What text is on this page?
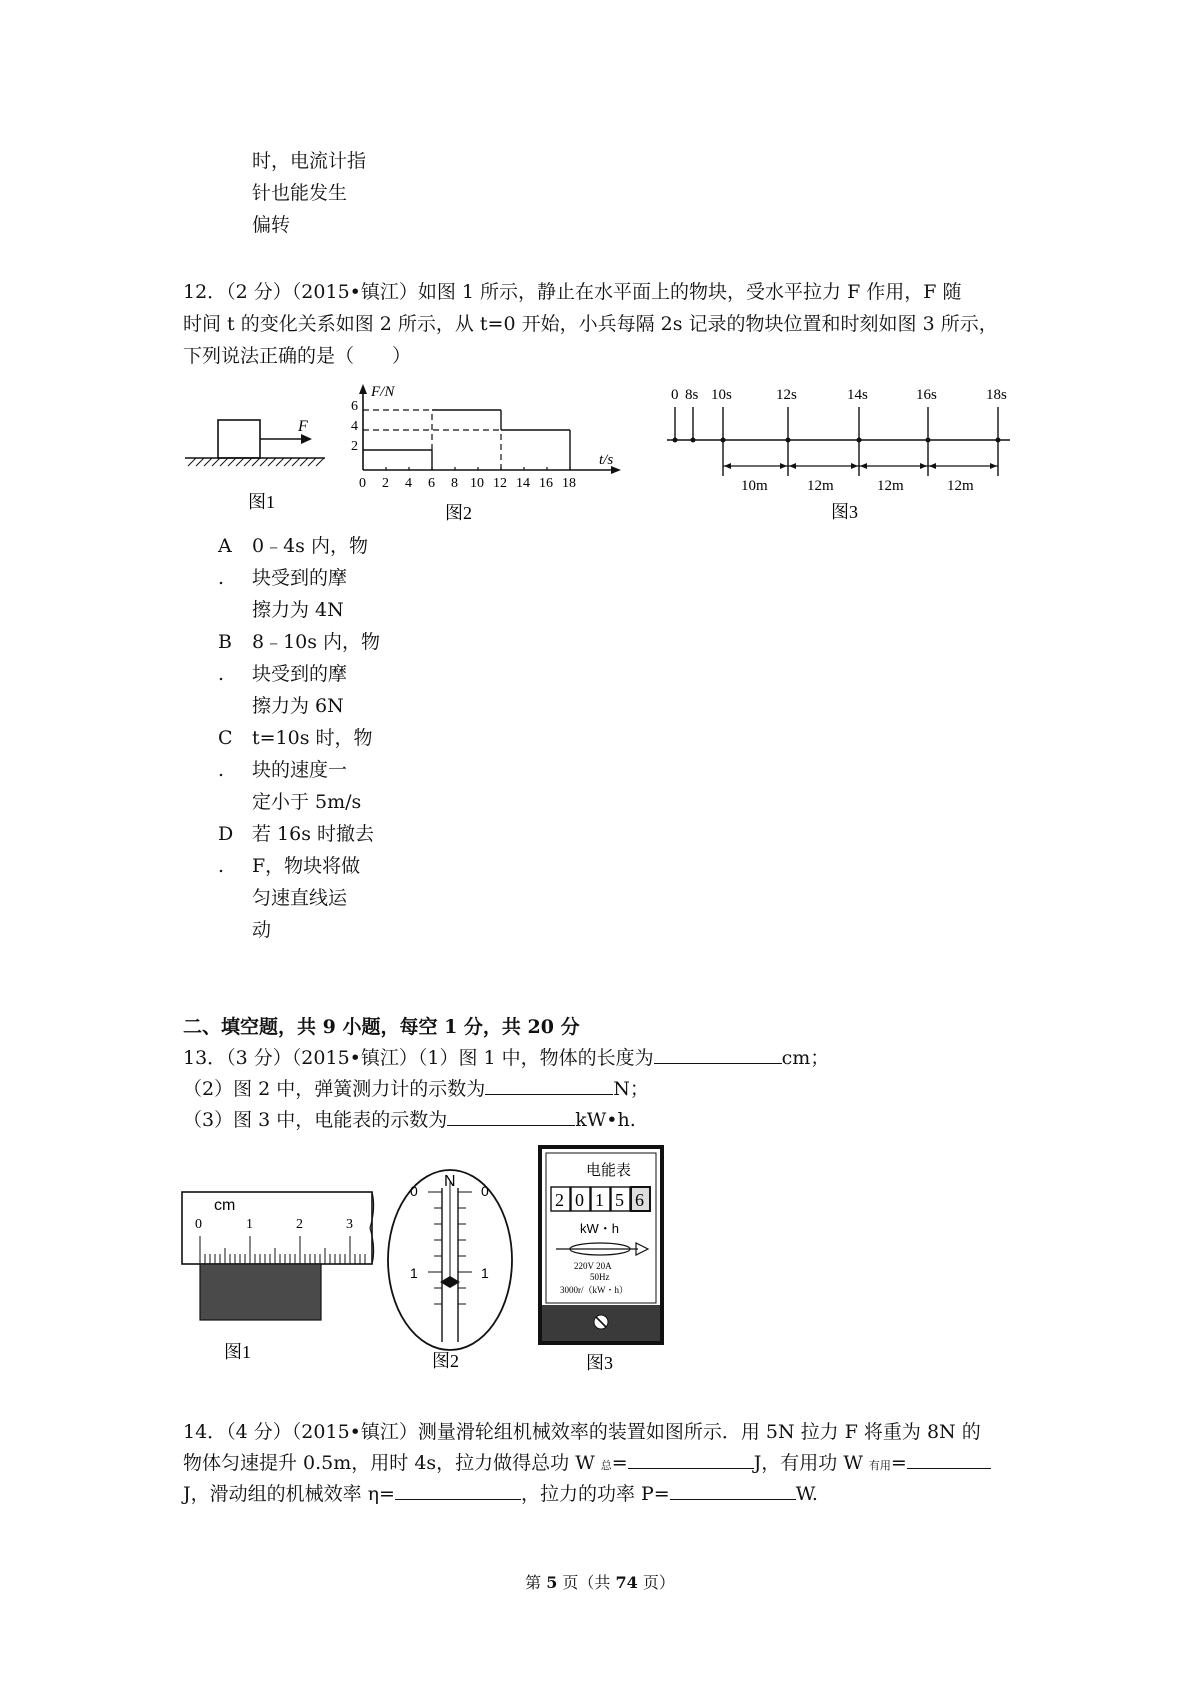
时，电流计指
针也能发生
偏转
12．（2 分）（2015•镇江）如图 1 所示，静止在水平面上的物块，受水平拉力 F 作用，F 随
时间 t 的变化关系如图 2 所示，从 t=0 开始，小兵每隔 2s 记录的物块位置和时刻如图 3 所示，
下列说法正确的是（　　）
F
图1
F/N
t/s
2
4
6
0 2 4 6 8 10 12 14 16 18
图2
0 8s 10s	12s	14s	16s	18s
10m	12m	12m	12m
图3
A
.
0﹣4s 内，物
块受到的摩
擦力为 4N
B
.
8﹣10s 内，物
块受到的摩
擦力为 6N
C
.
t=10s 时，物
块的速度一
定小于 5m/s
D
.
若 16s 时撤去
F，物块将做
匀速直线运
动
二、填空题，共 9 小题，每空 1 分，共 20 分
13．（3 分）（2015•镇江）（1）图 1 中，物体的长度为	cm；
（2）图 2 中，弹簧测力计的示数为	N；
（3）图 3 中，电能表的示数为	kW•h.
cm
0	1	2	3
图1
N
0	0
1	1
图2
电能表
2 0 1 5 6
kW・h
220V 20A
50Hz
3000r/（kW・h）
图3
14．（4 分）（2015•镇江）测量滑轮组机械效率的装置如图所示．用 5N 拉力 F 将重为 8N 的
物体匀速提升 0.5m，用时 4s，拉力做得总功 W 总=	J，有用功 W 有用=
J，滑动组的机械效率 η=	，拉力的功率 P=	W.
第 5 页（共 74 页）
